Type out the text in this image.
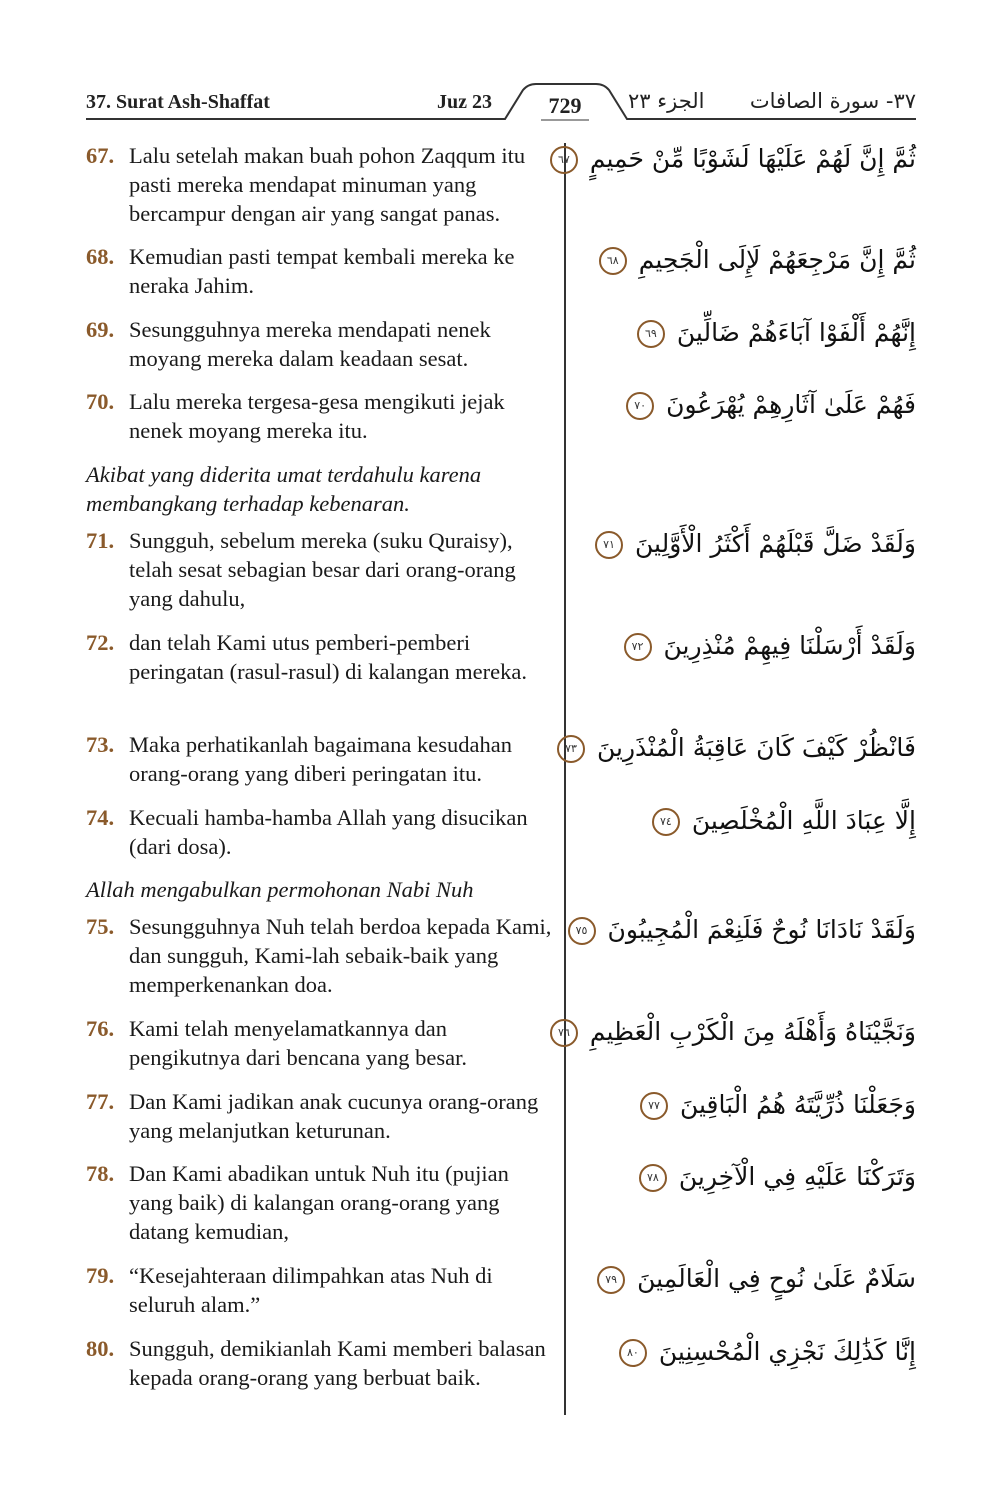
37. Surat Ash-Shaffat	Juz 23	729	الجزء ٢٣ ٣٧- سورة الصافات
67. Lalu setelah makan buah pohon Zaqqum itu pasti mereka mendapat minuman yang bercampur dengan air yang sangat panas.
ثُمَّ إِنَّ لَهُمْ عَلَيْهَا لَشَوْبًا مِّنْ حَمِيمٍ ٦٧
68. Kemudian pasti tempat kembali mereka ke neraka Jahim.
ثُمَّ إِنَّ مَرْجِعَهُمْ لَإِلَى الْجَحِيمِ ٦٨
69. Sesungguhnya mereka mendapati nenek moyang mereka dalam keadaan sesat.
إِنَّهُمْ أَلْفَوْا آبَاءَهُمْ ضَالِّينَ ٦٩
70. Lalu mereka tergesa-gesa mengikuti jejak nenek moyang mereka itu.
فَهُمْ عَلَىٰ آثَارِهِمْ يُهْرَعُونَ ٧٠
Akibat yang diderita umat terdahulu karena membangkang terhadap kebenaran.
71. Sungguh, sebelum mereka (suku Quraisy), telah sesat sebagian besar dari orang-orang yang dahulu,
وَلَقَدْ ضَلَّ قَبْلَهُمْ أَكْثَرُ الْأَوَّلِينَ ٧١
72. dan telah Kami utus pemberi-pemberi peringatan (rasul-rasul) di kalangan mereka.
وَلَقَدْ أَرْسَلْنَا فِيهِمْ مُنْذِرِينَ ٧٢
73. Maka perhatikanlah bagaimana kesudahan orang-orang yang diberi peringatan itu.
فَانْظُرْ كَيْفَ كَانَ عَاقِبَةُ الْمُنْذَرِينَ ٧٣
74. Kecuali hamba-hamba Allah yang disucikan (dari dosa).
إِلَّا عِبَادَ اللَّهِ الْمُخْلَصِينَ ٧٤
Allah mengabulkan permohonan Nabi Nuh
75. Sesungguhnya Nuh telah berdoa kepada Kami, dan sungguh, Kami-lah sebaik-baik yang memperkenankan doa.
وَلَقَدْ نَادَانَا نُوحٌ فَلَنِعْمَ الْمُجِيبُونَ ٧٥
76. Kami telah menyelamatkannya dan pengikutnya dari bencana yang besar.
وَنَجَّيْنَاهُ وَأَهْلَهُ مِنَ الْكَرْبِ الْعَظِيمِ ٧٦
77. Dan Kami jadikan anak cucunya orang-orang yang melanjutkan keturunan.
وَجَعَلْنَا ذُرِّيَّتَهُ هُمُ الْبَاقِينَ ٧٧
78. Dan Kami abadikan untuk Nuh itu (pujian yang baik) di kalangan orang-orang yang datang kemudian,
وَتَرَكْنَا عَلَيْهِ فِي الْآخِرِينَ ٧٨
79. “Kesejahteraan dilimpahkan atas Nuh di seluruh alam.”
سَلَامٌ عَلَىٰ نُوحٍ فِي الْعَالَمِينَ ٧٩
80. Sungguh, demikianlah Kami memberi balasan kepada orang-orang yang berbuat baik.
إِنَّا كَذَٰلِكَ نَجْزِي الْمُحْسِنِينَ ٨٠
